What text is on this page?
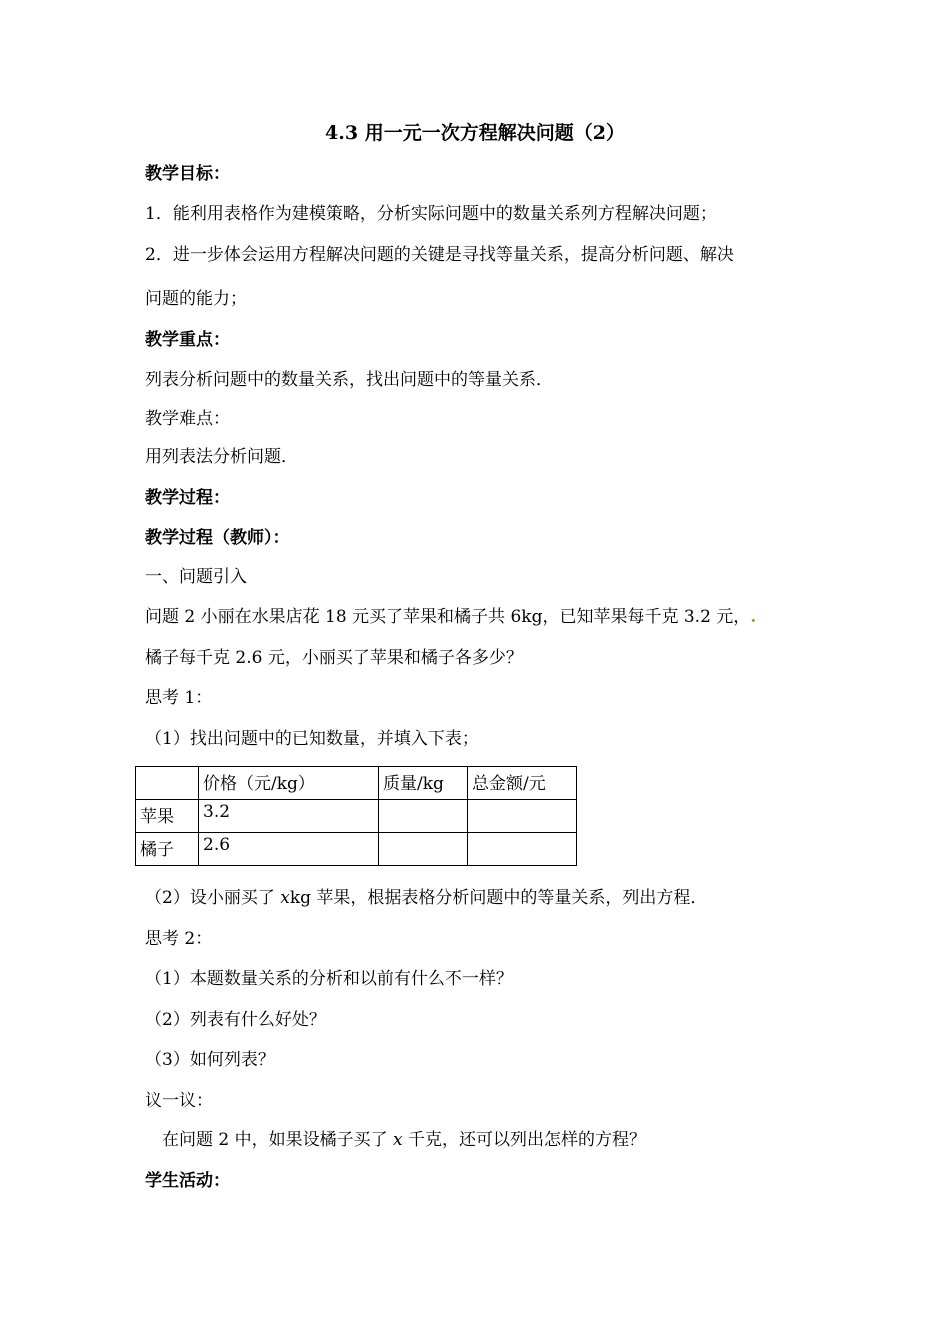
4.3 用一元一次方程解决问题（2）
教学目标：
1．能利用表格作为建模策略，分析实际问题中的数量关系列方程解决问题；
2．进一步体会运用方程解决问题的关键是寻找等量关系，提高分析问题、解决
问题的能力；
教学重点：
列表分析问题中的数量关系，找出问题中的等量关系．
教学难点：
用列表法分析问题．
教学过程：
教学过程（教师）：
一、问题引入
问题 2 小丽在水果店花 18 元买了苹果和橘子共 6kg，已知苹果每千克 3.2 元，.
橘子每千克 2.6 元，小丽买了苹果和橘子各多少？
思考 1：
（1）找出问题中的已知数量，并填入下表；
	价格（元/kg）	质量/kg	总金额/元
苹果	3.2		
橘子	2.6		
（2）设小丽买了 xkg 苹果，根据表格分析问题中的等量关系，列出方程．
思考 2：
（1）本题数量关系的分析和以前有什么不一样？
（2）列表有什么好处？
（3）如何列表？
议一议：
在问题 2 中，如果设橘子买了 x 千克，还可以列出怎样的方程？
学生活动：
